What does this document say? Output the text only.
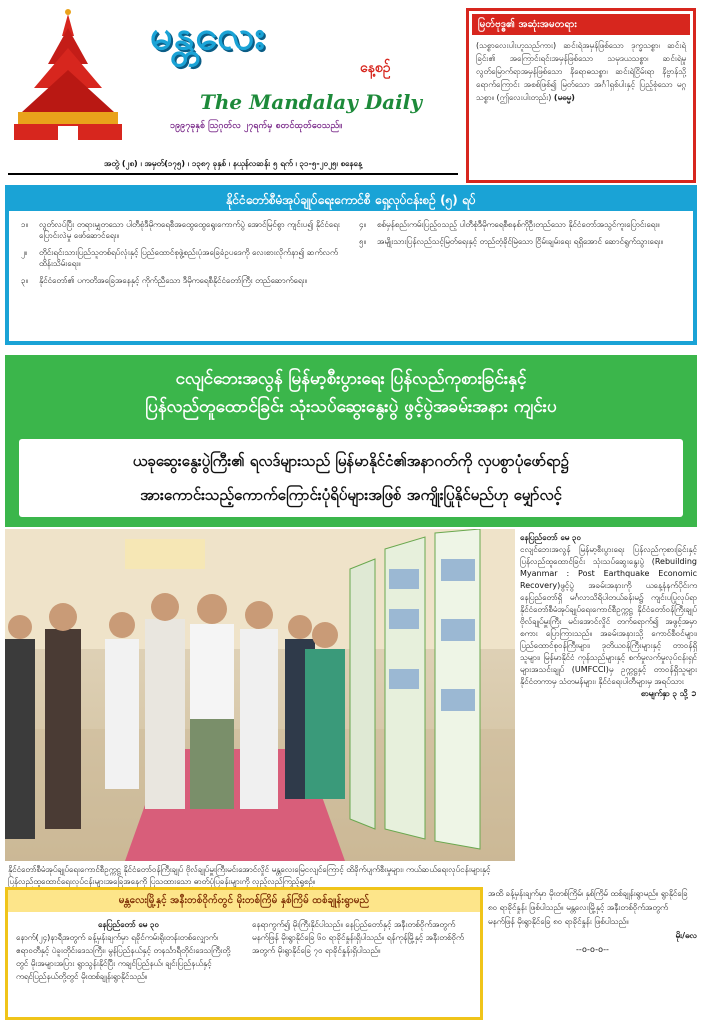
မန္တလေး
နေ့စဉ်
The Mandalay Daily
၁၉၉၇ခုနှစ် ဩဂုတ်လ ၂၇ရက်မှ စတင်ထုတ်ဝေသည်။
အတွဲ (၂၈) ၊ အမှတ်(၁၇၅) ၊ ၁၃၈၇ ခုနှစ် ၊ နယုန်လဆန်း ၅ ရက် ၊ ၃၁-၅-၂၀၂၅၊ စနေနေ့
မြတ်ဗုဒ္ဓ၏ အဆုံးအမတရား
(သစ္စာလေးပါးဟူသည်ကား) ဆင်းရဲအမှန်ဖြစ်သော ဒုက္ခသစ္စာ၊ ဆင်းရဲခြင်း၏ အကြောင်းရင်းအမှန်ဖြစ်သော သမုဒယသစ္စာ၊ ဆင်းရဲမှု လွတ်မြောက်ရာအမှန်ဖြစ်သော နိရောဓသစ္စာ၊ ဆင်းရဲငြိမ်းရာ နိဗ္ဗာန်သို့ရောက်ကြောင်း အစစ်ဖြစ်၍ မြတ်သော အင်္ဂါရှစ်ပါးနှင့် ပြည့်စုံသော မဂ္ဂသစ္စာ။ (ဤလေးပါးတည်း) (မဓမ္မ)
နိုင်ငံတော်စီမံအုပ်ချုပ်ရေးကောင်စီ ရှေ့လုပ်ငန်းစဉ် (၅) ရပ်
၁။	လွတ်လပ်ပြီး တရားမျှတသော ပါတီစုံဒီမိုကရေစီအထွေထွေရွေးကောက်ပွဲ အောင်မြင်စွာ ကျင်းပ၍ နိုင်ငံရေးပြောင်းလဲမှု ဖော်ဆောင်ရေး။
၂။	တိုင်းရင်းသားပြည်သူတစ်ရပ်လုံးနှင့် ပြည်ထောင်စုဖွဲ့စည်းပုံအခြေခံဥပဒေကို လေးစားလိုက်နာ၍ ဆက်လက်ထိန်းသိမ်းရေး။
၃။	နိုင်ငံတော်၏ ပကတိအခြေအနေနှင့် ကိုက်ညီသော ဒီမိုကရေစီနိုင်ငံတော်ကြီး တည်ဆောက်ရေး။
၄။	စစ်မှန်စည်းကမ်းပြည့်ဝသည့် ပါတီစုံဒီမိုကရေစီစနစ်ကိုဦးတည်သော နိုင်ငံတော်အသွင်ကူးပြောင်းရေး။
၅။	အမျိုးသားပြန်လည်သင့်မြတ်ရေးနှင့် တည်တံ့ခိုင်မြဲသော ငြိမ်းချမ်းရေး ရရှိအောင် ဆောင်ရွက်သွားရေး။
ငလျင်ဘေးအလွန် မြန်မာ့စီးပွားရေး ပြန်လည်ကုစားခြင်းနှင့်
ပြန်လည်တူထောင်ခြင်း သုံးသပ်ဆွေးနွေးပွဲ ဖွင့်ပွဲအခမ်းအနား ကျင်းပ
ယခုဆွေးနွေးပွဲကြီး၏ ရလဒ်များသည် မြန်မာနိုင်ငံ၏အနာဂတ်ကို လှပစွာပုံဖော်ရာ၌
အားကောင်းသည့်ကောက်ကြောင်းပုံရိပ်များအဖြစ် အကျိုးပြုနိုင်မည်ဟု မျှော်လင့်
နိုင်ငံတော်စီမံအုပ်ချုပ်ရေးကောင်စီဥက္ကဋ္ဌ နိုင်ငံတော်ဝန်ကြီးချုပ် ဗိုလ်ချုပ်မှူးကြီးမင်းအောင်လှိုင် မန္တလေးမြေငလျင်ကြောင့် ထိခိုက်ပျက်စီးမှုများ၊ ကယ်ဆယ်ရေးလုပ်ငန်းများနှင့် ပြန်လည်ထူထောင်ရေးလုပ်ငန်းများအခြေအနေကို ပြသထားသော ဓာတ်ပုံပြခန်းများကို လှည့်လည်ကြည့်ရှုစဉ်။
နေပြည်တော် မေ ၃၀
ငလျင်ဘေးအလွန် မြန်မာ့စီးပွားရေး ပြန်လည်ကုစားခြင်းနှင့် ပြန်လည်ထူထောင်ခြင်း သုံးသပ်ဆွေးနွေးပွဲ (Rebuilding Myanmar : Post Earthquake Economic Recovery)ဖွင့်ပွဲ အခမ်းအနားကို ယနေ့နံနက်ပိုင်းက နေပြည်တော်ရှိ မင်္ဂလာသိရိပါတယ်ခန်းမ၌ ကျင်းပပြုလုပ်ရာ နိုင်ငံတော်စီမံအုပ်ချုပ်ရေးကောင်စီဥက္ကဋ္ဌ နိုင်ငံတော်ဝန်ကြီးချုပ် ဗိုလ်ချုပ်မှူးကြီး မင်းအောင်လှိုင် တက်ရောက်၍ အဖွင့်အမှာစကား ပြောကြားသည်။ အခမ်းအနားသို့ ကောင်စီဝင်များ၊ ပြည်ထောင်စုဝန်ကြီးများ၊ ဒုတိယဝန်ကြီးများနှင့် တာဝန်ရှိသူများ၊ မြန်မာနိုင်ငံ ကုန်သည်များနှင့် စက်မှုလက်မှုလုပ်ငန်းရှင်များအသင်းချုပ် (UMFCCI)မှ ဥက္ကဋ္ဌနှင့် တာဝန်ရှိသူများ နိုင်ငံတကာမှ သံတမန်များ၊ နိုင်ငံရေးပါတီများမှ အရပ်သား
စာမျက်နှာ ၃ သို့ ➲
မန္တလေးမြို့နှင့် အနီးတစ်ဝိုက်တွင် မိုးတစ်ကြိမ် နှစ်ကြိမ် ထစ်ချုန်းရွာမည်
နေပြည်တော် မေ ၃၀
နောက်(၂၄)နာရီအတွက် ခန့်မှန်းချက်မှာ ရခိုင်ကမ်းရိုးတန်းတစ်လျှောက်၊ ဧရာဝတီနှင့် ပဲခူးတိုင်းဒေသကြီး၊ မွန်ပြည်နယ်နှင့် တနင်္သာရီတိုင်းဒေသကြီးတို့တွင် မိုးအများအပြား ရွာသွန်းနိုင်ပြီး ကချင်ပြည်နယ်၊ ချင်းပြည်နယ်နှင့် ကရင်ပြည်နယ်တို့တွင် မိုးထစ်ချုန်းရွာနိုင်သည်။
နေရာကွက်၍ မိုးကြီးနိုင်ပါသည်။ နေပြည်တော်နှင့် အနီးတစ်ဝိုက်အတွက် မနက်ဖြန် မိုးရွာနိုင်ခြေ ၆၀ ရာခိုင်နှုန်းရှိပါသည်။ ရန်ကုန်မြို့နှင့် အနီးတစ်ဝိုက်အတွက် မိုးရွာနိုင်ခြေ ၇၀ ရာခိုင်နှုန်းရှိပါသည်။
အထိ ခန့်မှန်းချက်မှာ မိုးတစ်ကြိမ်၊ နှစ်ကြိမ် ထစ်ချုန်းရွာမည်။ ရွာနိုင်ခြေ ၈၀ ရာခိုင်နှုန်း ဖြစ်ပါသည်။ မန္တလေးမြို့နှင့် အနီးတစ်ဝိုက်အတွက် မနက်ဖြန် မိုးရွာနိုင်ခြေ ၈၀ ရာခိုင်နှုန်း ဖြစ်ပါသည်။
မိုး/ဓလ
--o-o-o--
